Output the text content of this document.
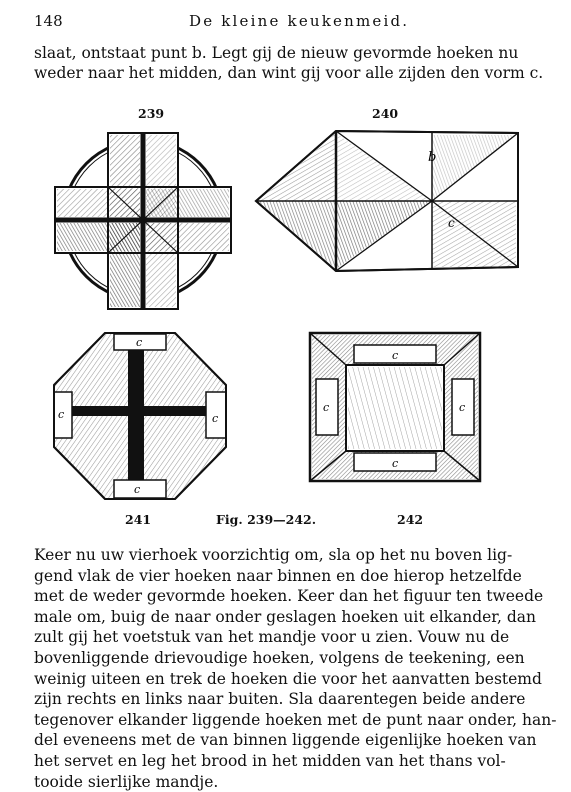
148	De kleine keukenmeid.
slaat, ontstaat punt b. Legt gij de nieuw gevormde hoeken nu
weder naar het midden, dan wint gij voor alle zijden den vorm c.
239	240
b
c
c
c
c	c
c
c
c	c
241	Fig. 239—242.	242
Keer nu uw vierhoek voorzichtig om, sla op het nu boven lig-
gend vlak de vier hoeken naar binnen en doe hierop hetzelfde
met de weder gevormde hoeken. Keer dan het figuur ten tweede
male om, buig de naar onder geslagen hoeken uit elkander, dan
zult gij het voetstuk van het mandje voor u zien. Vouw nu de
bovenliggende drievoudige hoeken, volgens de teekening, een
weinig uiteen en trek de hoeken die voor het aanvatten bestemd
zijn rechts en links naar buiten. Sla daarentegen beide andere
tegenover elkander liggende hoeken met de punt naar onder, han-
del eveneens met de van binnen liggende eigenlijke hoeken van
het servet en leg het brood in het midden van het thans vol-
tooide sierlijke mandje.
